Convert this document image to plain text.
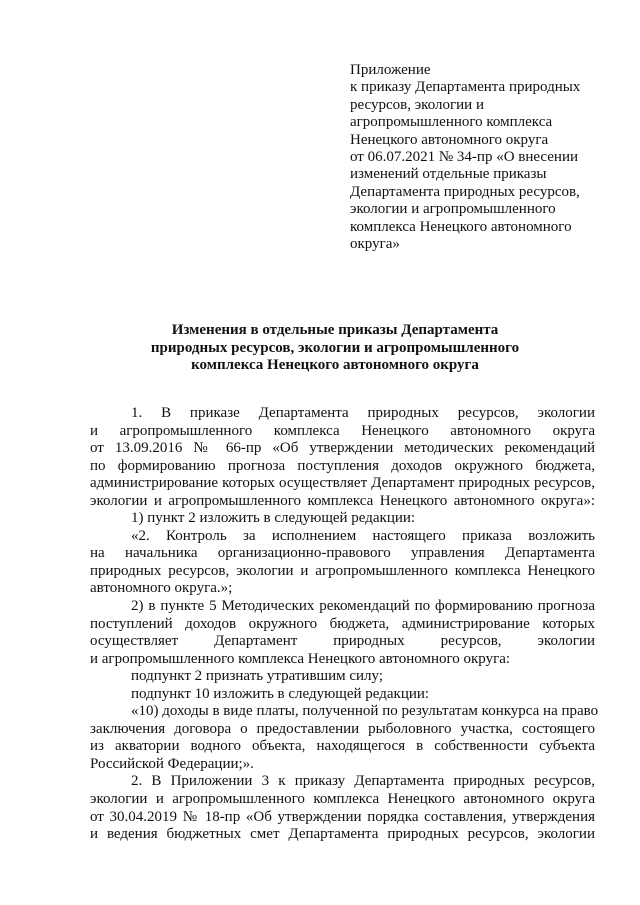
Приложение
к приказу Департамента природных
ресурсов, экологии и
агропромышленного комплекса
Ненецкого автономного округа
от 06.07.2021 № 34-пр «О внесении
изменений отдельные приказы
Департамента природных ресурсов,
экологии и агропромышленного
комплекса Ненецкого автономного
округа»
Изменения в отдельные приказы Департамента
природных ресурсов, экологии и агропромышленного
комплекса Ненецкого автономного округа
1. В приказе Департамента природных ресурсов, экологии
и агропромышленного комплекса Ненецкого автономного округа
от 13.09.2016 № 66-пр «Об утверждении методических рекомендаций
по формированию прогноза поступления доходов окружного бюджета,
администрирование которых осуществляет Департамент природных ресурсов,
экологии и агропромышленного комплекса Ненецкого автономного округа»:
1) пункт 2 изложить в следующей редакции:
«2. Контроль за исполнением настоящего приказа возложить
на начальника организационно-правового управления Департамента
природных ресурсов, экологии и агропромышленного комплекса Ненецкого
автономного округа.»;
2) в пункте 5 Методических рекомендаций по формированию прогноза
поступлений доходов окружного бюджета, администрирование которых
осуществляет Департамент природных ресурсов, экологии
и агропромышленного комплекса Ненецкого автономного округа:
подпункт 2 признать утратившим силу;
подпункт 10 изложить в следующей редакции:
«10) доходы в виде платы, полученной по результатам конкурса на право
заключения договора о предоставлении рыболовного участка, состоящего
из акватории водного объекта, находящегося в собственности субъекта
Российской Федерации;».
2. В Приложении 3 к приказу Департамента природных ресурсов,
экологии и агропромышленного комплекса Ненецкого автономного округа
от 30.04.2019 № 18-пр «Об утверждении порядка составления, утверждения
и ведения бюджетных смет Департамента природных ресурсов, экологии
